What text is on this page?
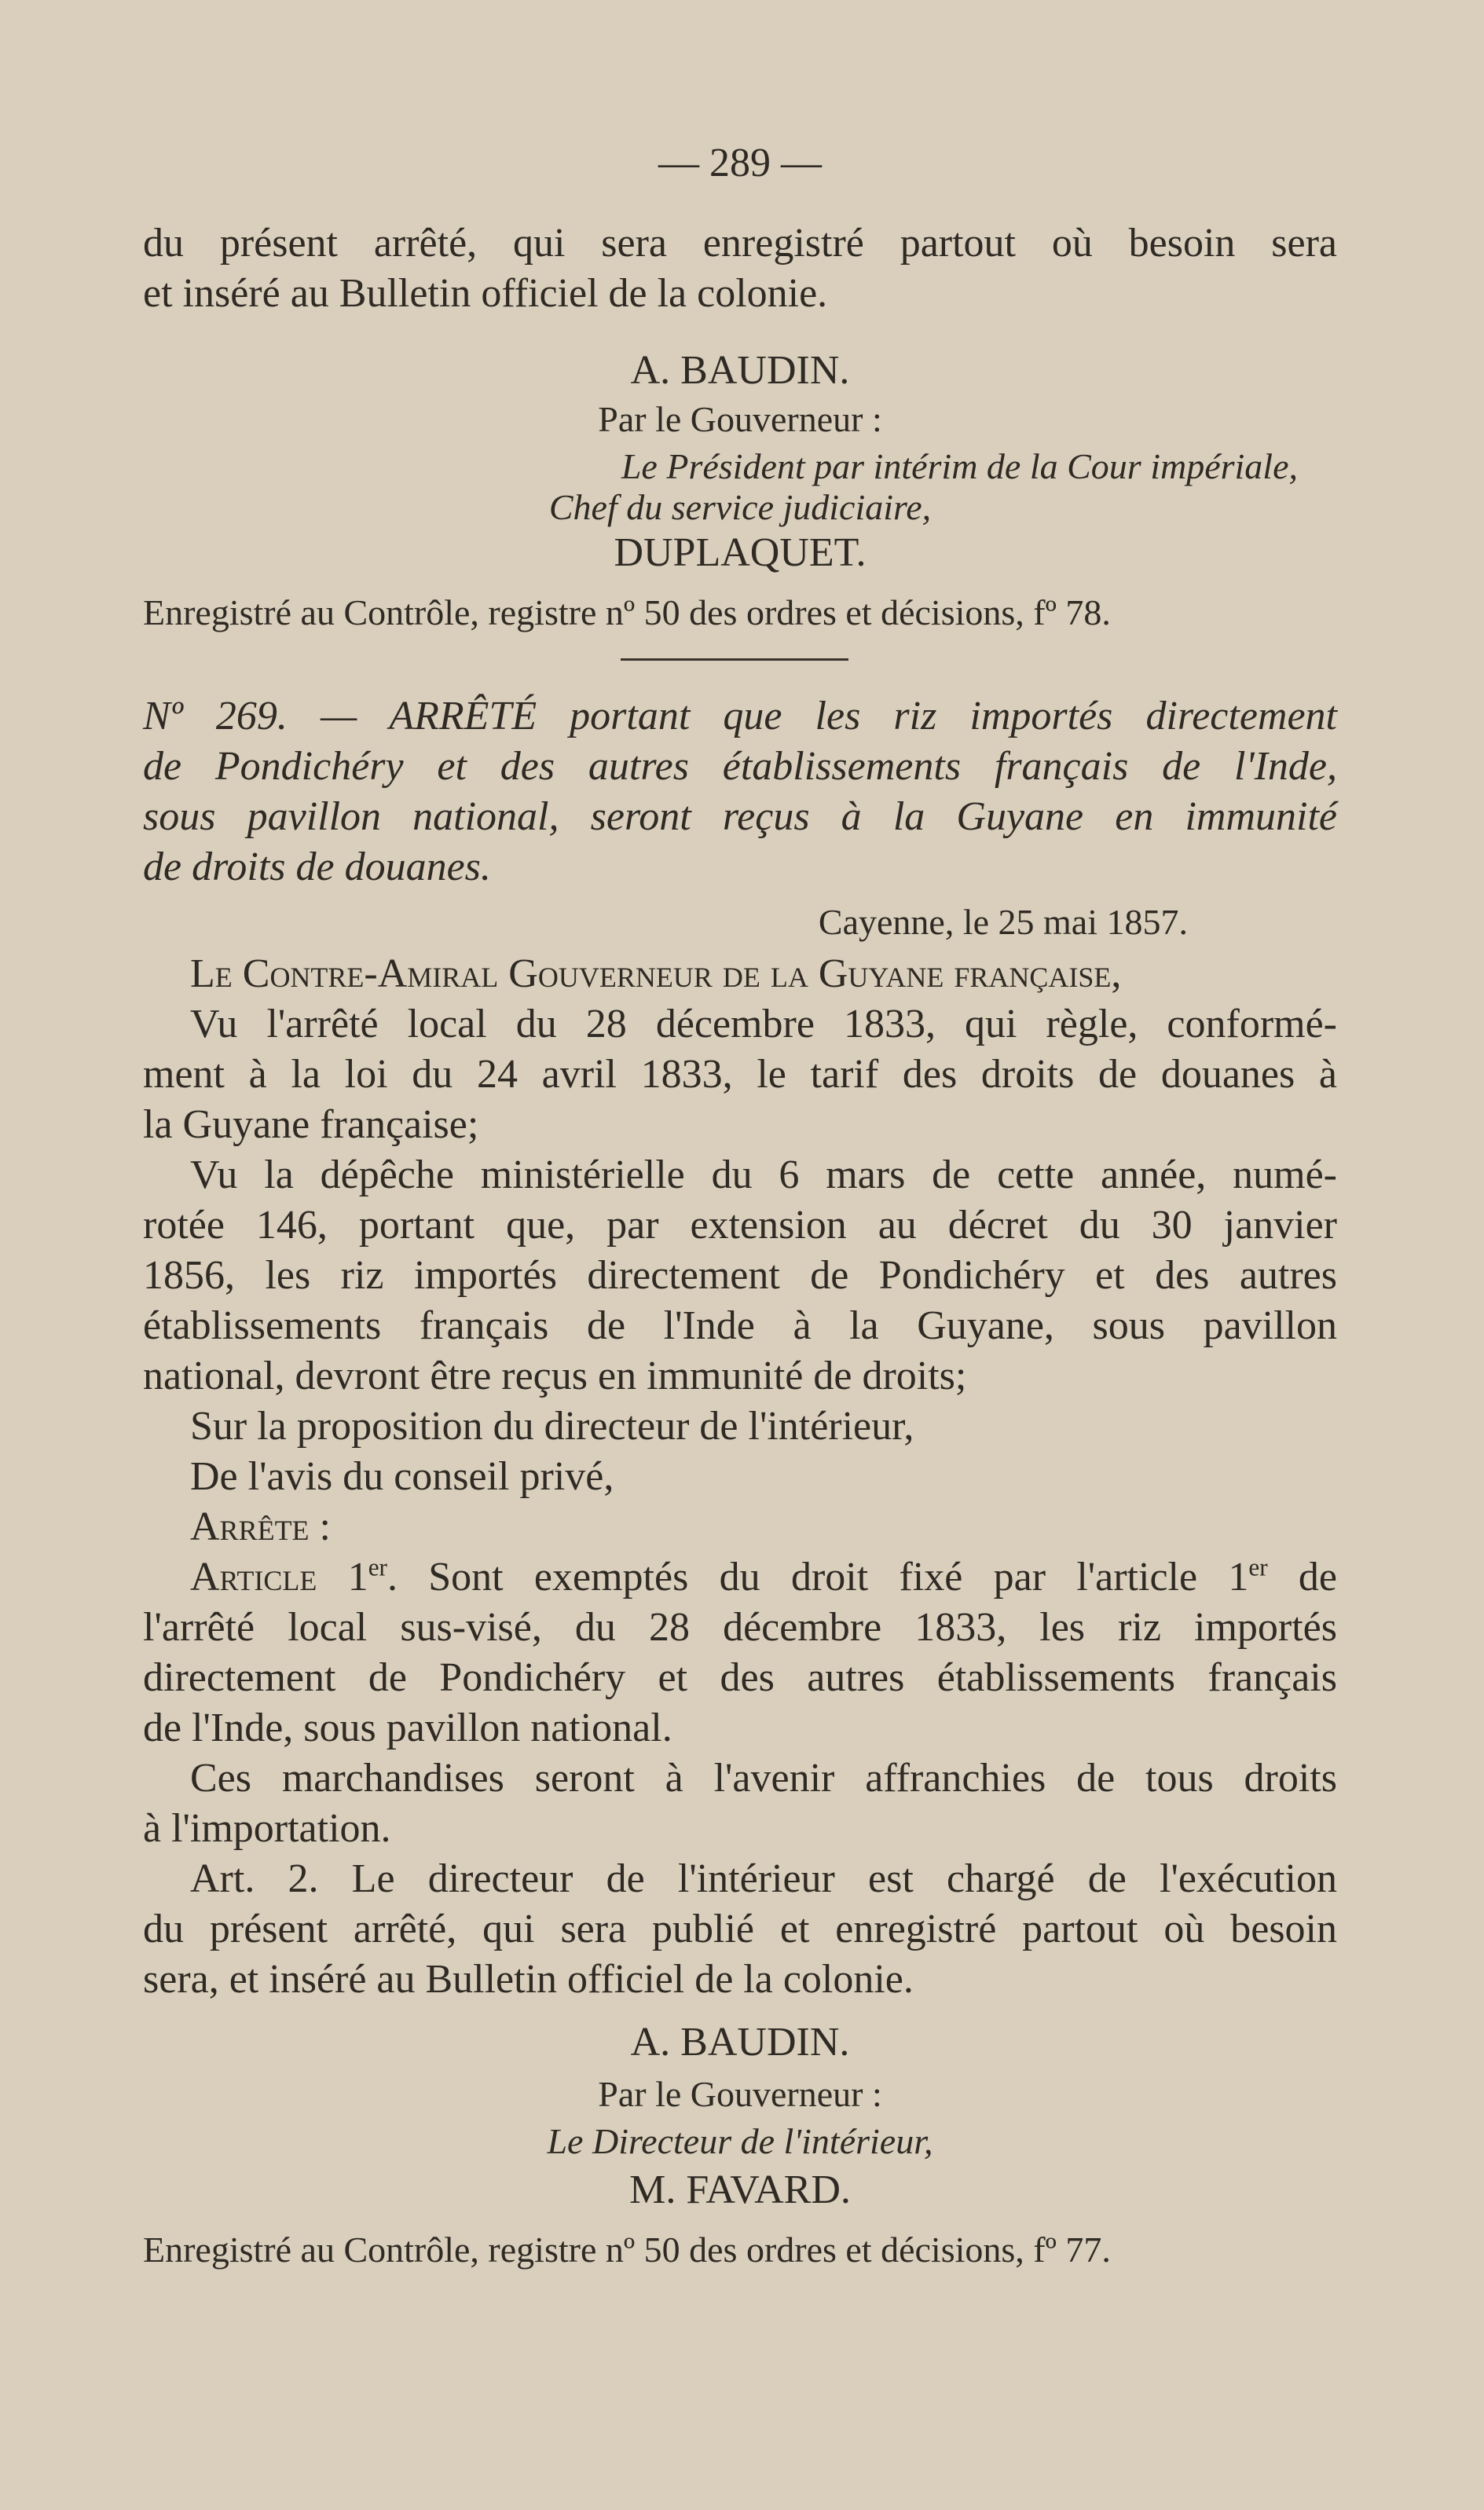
— 289 —
du présent arrêté, qui sera enregistré partout où besoin sera
et inséré au Bulletin officiel de la colonie.
A. BAUDIN.
Par le Gouverneur :
Le Président par intérim de la Cour impériale,
Chef du service judiciaire,
DUPLAQUET.
Enregistré au Contrôle, registre nº 50 des ordres et décisions, fº 78.
Nº 269. — ARRÊTÉ portant que les riz importés directement
de Pondichéry et des autres établissements français de l'Inde,
sous pavillon national, seront reçus à la Guyane en immunité
de droits de douanes.
Cayenne, le 25 mai 1857.
Le Contre-Amiral Gouverneur de la Guyane française,
Vu l'arrêté local du 28 décembre 1833, qui règle, conformé-
ment à la loi du 24 avril 1833, le tarif des droits de douanes à
la Guyane française;
Vu la dépêche ministérielle du 6 mars de cette année, numé-
rotée 146, portant que, par extension au décret du 30 janvier
1856, les riz importés directement de Pondichéry et des autres
établissements français de l'Inde à la Guyane, sous pavillon
national, devront être reçus en immunité de droits;
Sur la proposition du directeur de l'intérieur,
De l'avis du conseil privé,
Arrête :
Article 1er. Sont exemptés du droit fixé par l'article 1er de
l'arrêté local sus-visé, du 28 décembre 1833, les riz importés
directement de Pondichéry et des autres établissements français
de l'Inde, sous pavillon national.
Ces marchandises seront à l'avenir affranchies de tous droits
à l'importation.
Art. 2. Le directeur de l'intérieur est chargé de l'exécution
du présent arrêté, qui sera publié et enregistré partout où besoin
sera, et inséré au Bulletin officiel de la colonie.
A. BAUDIN.
Par le Gouverneur :
Le Directeur de l'intérieur,
M. FAVARD.
Enregistré au Contrôle, registre nº 50 des ordres et décisions, fº 77.
